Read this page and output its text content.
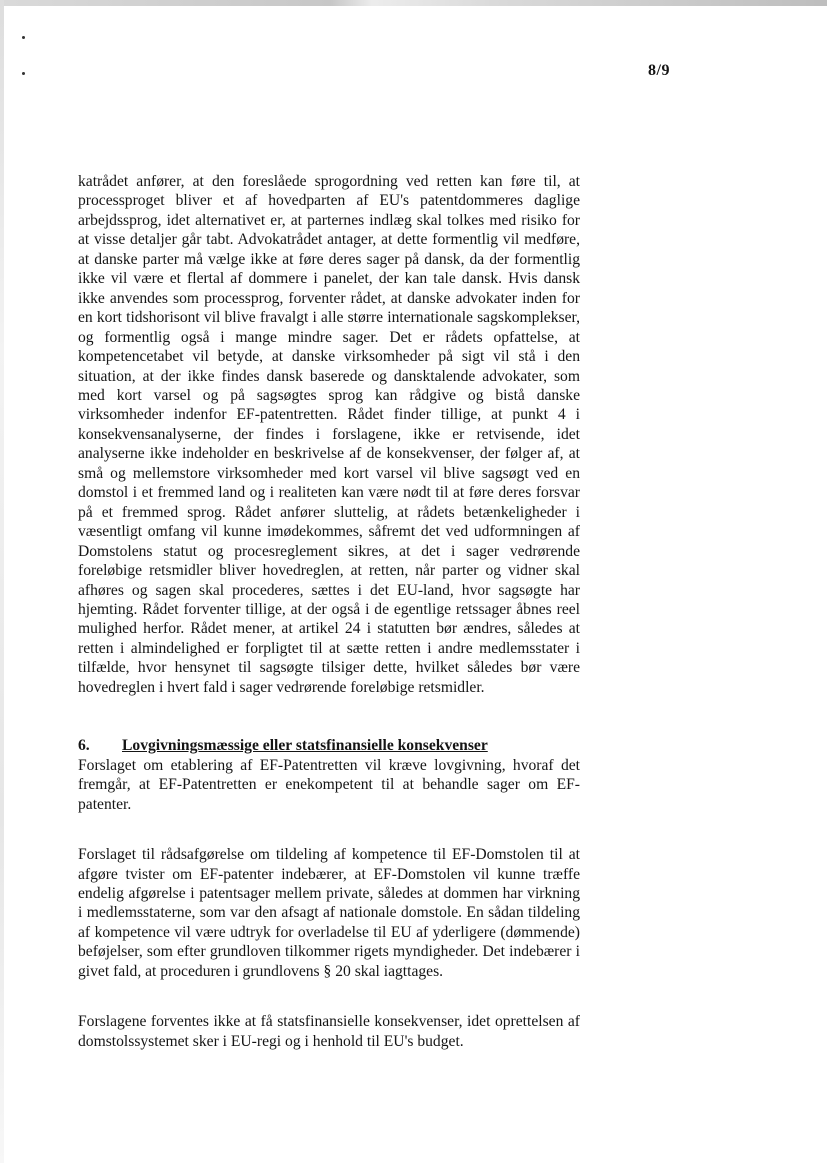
8/9

katrådet anfører, at den foreslåede sprogordning ved retten kan føre til, at processproget bliver et af hovedparten af EU's patentdommeres daglige arbejdssprog, idet alternativet er, at parternes indlæg skal tolkes med risiko for at visse detaljer går tabt. Advokatrådet antager, at dette formentlig vil medføre, at danske parter må vælge ikke at føre deres sager på dansk, da der formentlig ikke vil være et flertal af dommere i panelet, der kan tale dansk. Hvis dansk ikke anvendes som processprog, forventer rådet, at danske advokater inden for en kort tidshorisont vil blive fravalgt i alle større internationale sagskomplekser, og formentlig også i mange mindre sager. Det er rådets opfattelse, at kompetencetabet vil betyde, at danske virksomheder på sigt vil stå i den situation, at der ikke findes dansk baserede og dansktalende advokater, som med kort varsel og på sagsøgtes sprog kan rådgive og bistå danske virksomheder indenfor EF-patentretten. Rådet finder tillige, at punkt 4 i konsekvensanalyserne, der findes i forslagene, ikke er retvisende, idet analyserne ikke indeholder en beskrivelse af de konsekvenser, der følger af, at små og mellemstore virksomheder med kort varsel vil blive sagsøgt ved en domstol i et fremmed land og i realiteten kan være nødt til at føre deres forsvar på et fremmed sprog. Rådet anfører sluttelig, at rådets betænkeligheder i væsentligt omfang vil kunne imødekommes, såfremt det ved udformningen af Domstolens statut og procesreglement sikres, at det i sager vedrørende foreløbige retsmidler bliver hovedreglen, at retten, når parter og vidner skal afhøres og sagen skal procederes, sættes i det EU-land, hvor sagsøgte har hjemting. Rådet forventer tillige, at der også i de egentlige retssager åbnes reel mulighed herfor. Rådet mener, at artikel 24 i statutten bør ændres, således at retten i almindelighed er forpligtet til at sætte retten i andre medlemsstater i tilfælde, hvor hensynet til sagsøgte tilsiger dette, hvilket således bør være hovedreglen i hvert fald i sager vedrørende foreløbige retsmidler.

6.	Lovgivningsmæssige eller statsfinansielle konsekvenser

Forslaget om etablering af EF-Patentretten vil kræve lovgivning, hvoraf det fremgår, at EF-Patentretten er enekompetent til at behandle sager om EF-patenter.

Forslaget til rådsafgørelse om tildeling af kompetence til EF-Domstolen til at afgøre tvister om EF-patenter indebærer, at EF-Domstolen vil kunne træffe endelig afgørelse i patentsager mellem private, således at dommen har virkning i medlemsstaterne, som var den afsagt af nationale domstole. En sådan tildeling af kompetence vil være udtryk for overladelse til EU af yderligere (dømmende) beføjelser, som efter grundloven tilkommer rigets myndigheder. Det indebærer i givet fald, at proceduren i grundlovens § 20 skal iagttages.

Forslagene forventes ikke at få statsfinansielle konsekvenser, idet oprettelsen af domstolssystemet sker i EU-regi og i henhold til EU's budget.
